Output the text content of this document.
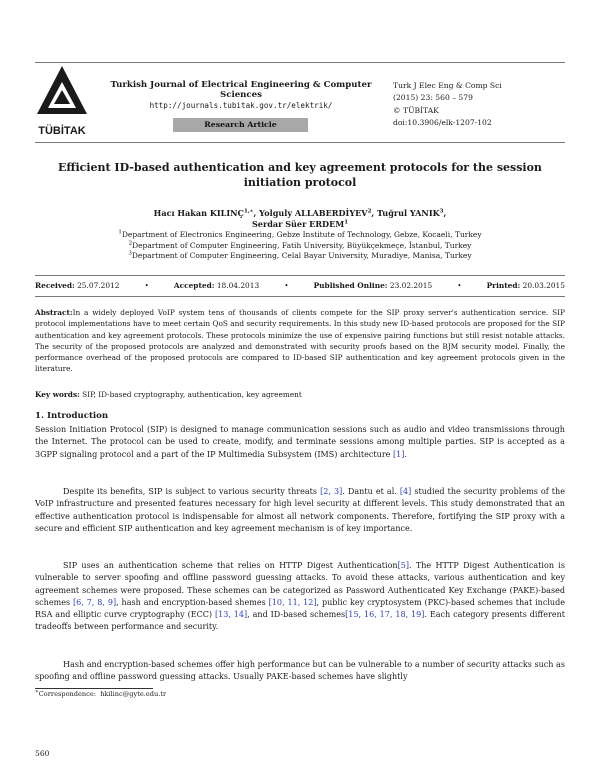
TÜBİTAK
Turkish Journal of Electrical Engineering & Computer Sciences
http://journals.tubitak.gov.tr/elektrik/
Research Article
Turk J Elec Eng & Comp Sci
(2015) 23: 560 – 579
© TÜBİTAK
doi:10.3906/elk-1207-102
Efficient ID-based authentication and key agreement protocols for the session initiation protocol
Hacı Hakan $KILINÇ^{1,∗}$, Yolguly ALLABERDİYEV$^2$, Tuğrul YANIK$^3$,
Serdar Süer ERDEM$^1$
$^1$Department of Electronics Engineering, Gebze Institute of Technology, Gebze, Kocaeli, Turkey
$^2$Department of Computer Engineering, Fatih University, Büyükçekmeçe, İstanbul, Turkey
$^3$Department of Computer Engineering, Celal Bayar University, Muradiye, Manisa, Turkey
Received: 25.07.2012	•	Accepted: 18.04.2013	•	Published Online: 23.02.2015	•	Printed: 20.03.2015
Abstract:In a widely deployed VoIP system tens of thousands of clients compete for the SIP proxy server's authentication service. SIP protocol implementations have to meet certain QoS and security requirements. In this study new ID-based protocols are proposed for the SIP authentication and key agreement protocols. These protocols minimize the use of expensive pairing functions but still resist notable attacks. The security of the proposed protocols are analyzed and demonstrated with security proofs based on the BJM security model. Finally, the performance overhead of the proposed protocols are compared to ID-based SIP authentication and key agreement protocols given in the literature.
Key words: SIP, ID-based cryptography, authentication, key agreement
1. Introduction
Session Initiation Protocol (SIP) is designed to manage communication sessions such as audio and video transmissions through the Internet. The protocol can be used to create, modify, and terminate sessions among multiple parties. SIP is accepted as a 3GPP signaling protocol and a part of the IP Multimedia Subsystem (IMS) architecture [1].
Despite its benefits, SIP is subject to various security threats [2, 3]. Dantu et al. [4] studied the security problems of the VoIP infrastructure and presented features necessary for high level security at different levels. This study demonstrated that an effective authentication protocol is indispensable for almost all network components. Therefore, fortifying the SIP proxy with a secure and efficient SIP authentication and key agreement mechanism is of key importance.
SIP uses an authentication scheme that relies on HTTP Digest Authentication[5]. The HTTP Digest Authentication is vulnerable to server spoofing and offline password guessing attacks. To avoid these attacks, various authentication and key agreement schemes were proposed. These schemes can be categorized as Password Authenticated Key Exchange (PAKE)-based schemes [6, 7, 8, 9], hash and encryption-based shemes [10, 11, 12], public key cryptosystem (PKC)-based schemes that include RSA and elliptic curve cryptography (ECC) [13, 14], and ID-based schemes[15, 16, 17, 18, 19]. Each category presents different tradeoffs between performance and security.
Hash and encryption-based schemes offer high performance but can be vulnerable to a number of security attacks such as spoofing and offline password guessing attacks. Usually PAKE-based schemes have slightly
∗Correspondence: hkilinc@gyte.edu.tr
560
